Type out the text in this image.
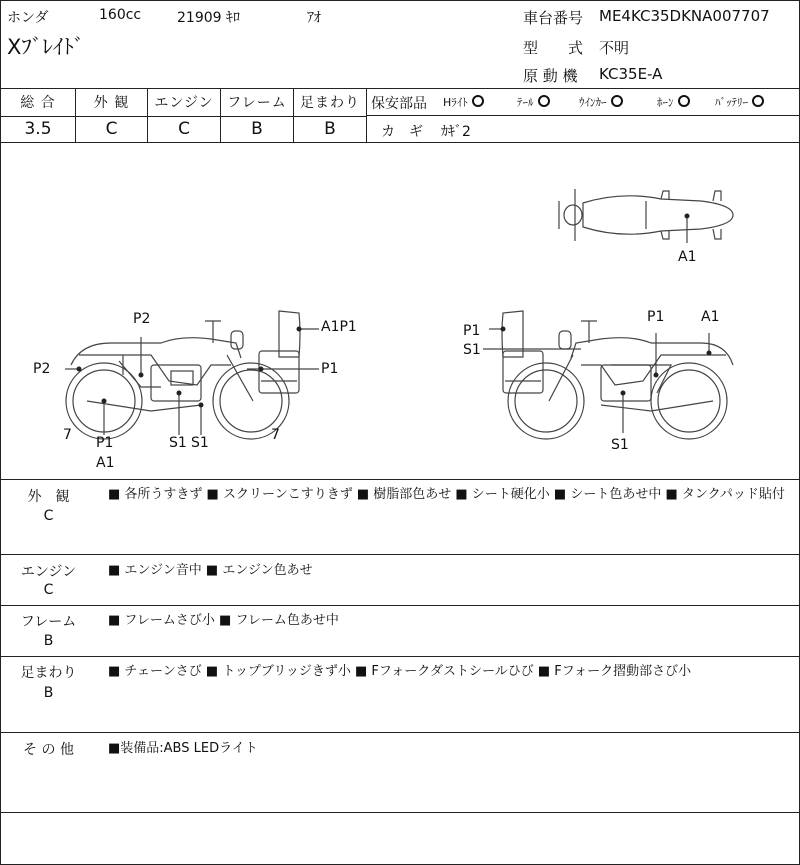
ホンダ	160cc	21909 ｷﾛ	ｱｵ
Xﾌﾞﾚｲﾄﾞ
車台番号 ME4KC35DKNA007707
型　　式 不明
原 動 機 KC35E-A
総 合
3.5
外 観
C
エンジン
C
フレーム
B
足まわり
B
保安部品 Hﾗｲﾄ	ﾃｰﾙ	ｳｲﾝｶｰ	ﾎｰﾝ	ﾊﾞｯﾃﾘｰ
カ　ギ ｶｷﾞ2
A1
P2	A1P1
P2	P1
7 P1
A1
S1 S1	7
P1
S1
P1	A1
S1
外　観
C
■ 各所うすきず ■ スクリーンこすりきず ■ 樹脂部色あせ ■ シート硬化小 ■ シート色あせ中 ■ タンクパッド貼付
エンジン
C
■ エンジン音中 ■ エンジン色あせ
フレーム
B
■ フレームさび小 ■ フレーム色あせ中
足まわり
B
■ チェーンさび ■ トップブリッジきず小 ■ Fフォークダストシールひび ■ Fフォーク摺動部さび小
そ の 他	■装備品:ABS LEDライト
